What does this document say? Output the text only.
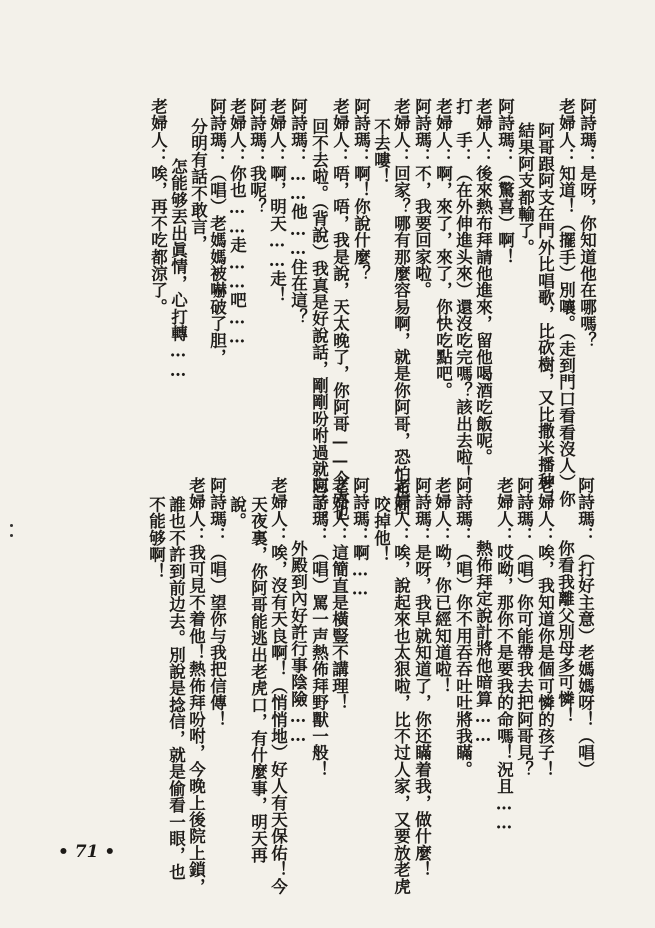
阿詩瑪：是呀，你知道他在哪嗎？
老婦人：知道！（擺手）別嚷。（走到門口看看沒人）你
阿哥跟阿支在門外比唱歌，比砍樹，又比撒米播种，
結果阿支都輸了。
阿詩瑪：（驚喜）啊！
老婦人：後來熱布拜請他進來，留他喝酒吃飯呢。
打　手：（在外伸進头來）還沒吃完嗎？該出去啦！
老婦人：啊，來了，來了，你快吃點吧。
阿詩瑪：不，我要回家啦。
老婦人：回家？哪有那麼容易啊，就是你阿哥，恐怕也回
不去嘍！
阿詩瑪：啊！你說什麼？
老婦人：唔，唔，我是說，天太晚了，你阿哥——今天也
回不去啦。（背說）我真是好說話，剛剛吩咐過就忘了。
阿詩瑪：……他……住在這？
老婦人：啊，明天……走！
阿詩瑪：我呢？
老婦人：你也……走……吧……
阿詩瑪：（唱）老媽媽被嚇破了胆，
分明有話不敢言，
怎能够丟出眞情，心打轉……
老婦人：唉，再不吃都涼了。
阿詩瑪：（打好主意）老媽媽呀！（唱）
你看我離父別母多可憐！
老婦人：唉，我知道你是個可憐的孩子！
阿詩瑪：（唱）你可能帶我去把阿哥見？
老婦人：哎呦，那你不是要我的命嗎！況且……
熱佈拜定說計將他暗算……
阿詩瑪：（唱）你不用吞吞吐吐將我瞞。
老婦人：呦，你已經知道啦！
阿詩瑪：是呀，我早就知道了，你还瞞着我，做什麼！
老婦人：唉，說起來也太狠啦，比不过人家，又要放老虎
咬掉他！
阿詩瑪：啊……
老婦人：這簡直是橫豎不講理！
阿詩瑪：（唱）罵一声熱佈拜野獸一般！
外殿到內好許行事陰險……
老婦人：唉，沒有天良啊！（悄悄地）好人有天保佑！今
天夜裏，你阿哥能逃出老虎口，有什麼事，明天再
說。
阿詩瑪：（唱）望你与我把信傳！
老婦人：我可見不着他！熱佈拜吩咐，今晚上後院上鎖，
誰也不許到前边去。別說是捻信，就是偷看一眼，也
不能够啊！
• 71 •
